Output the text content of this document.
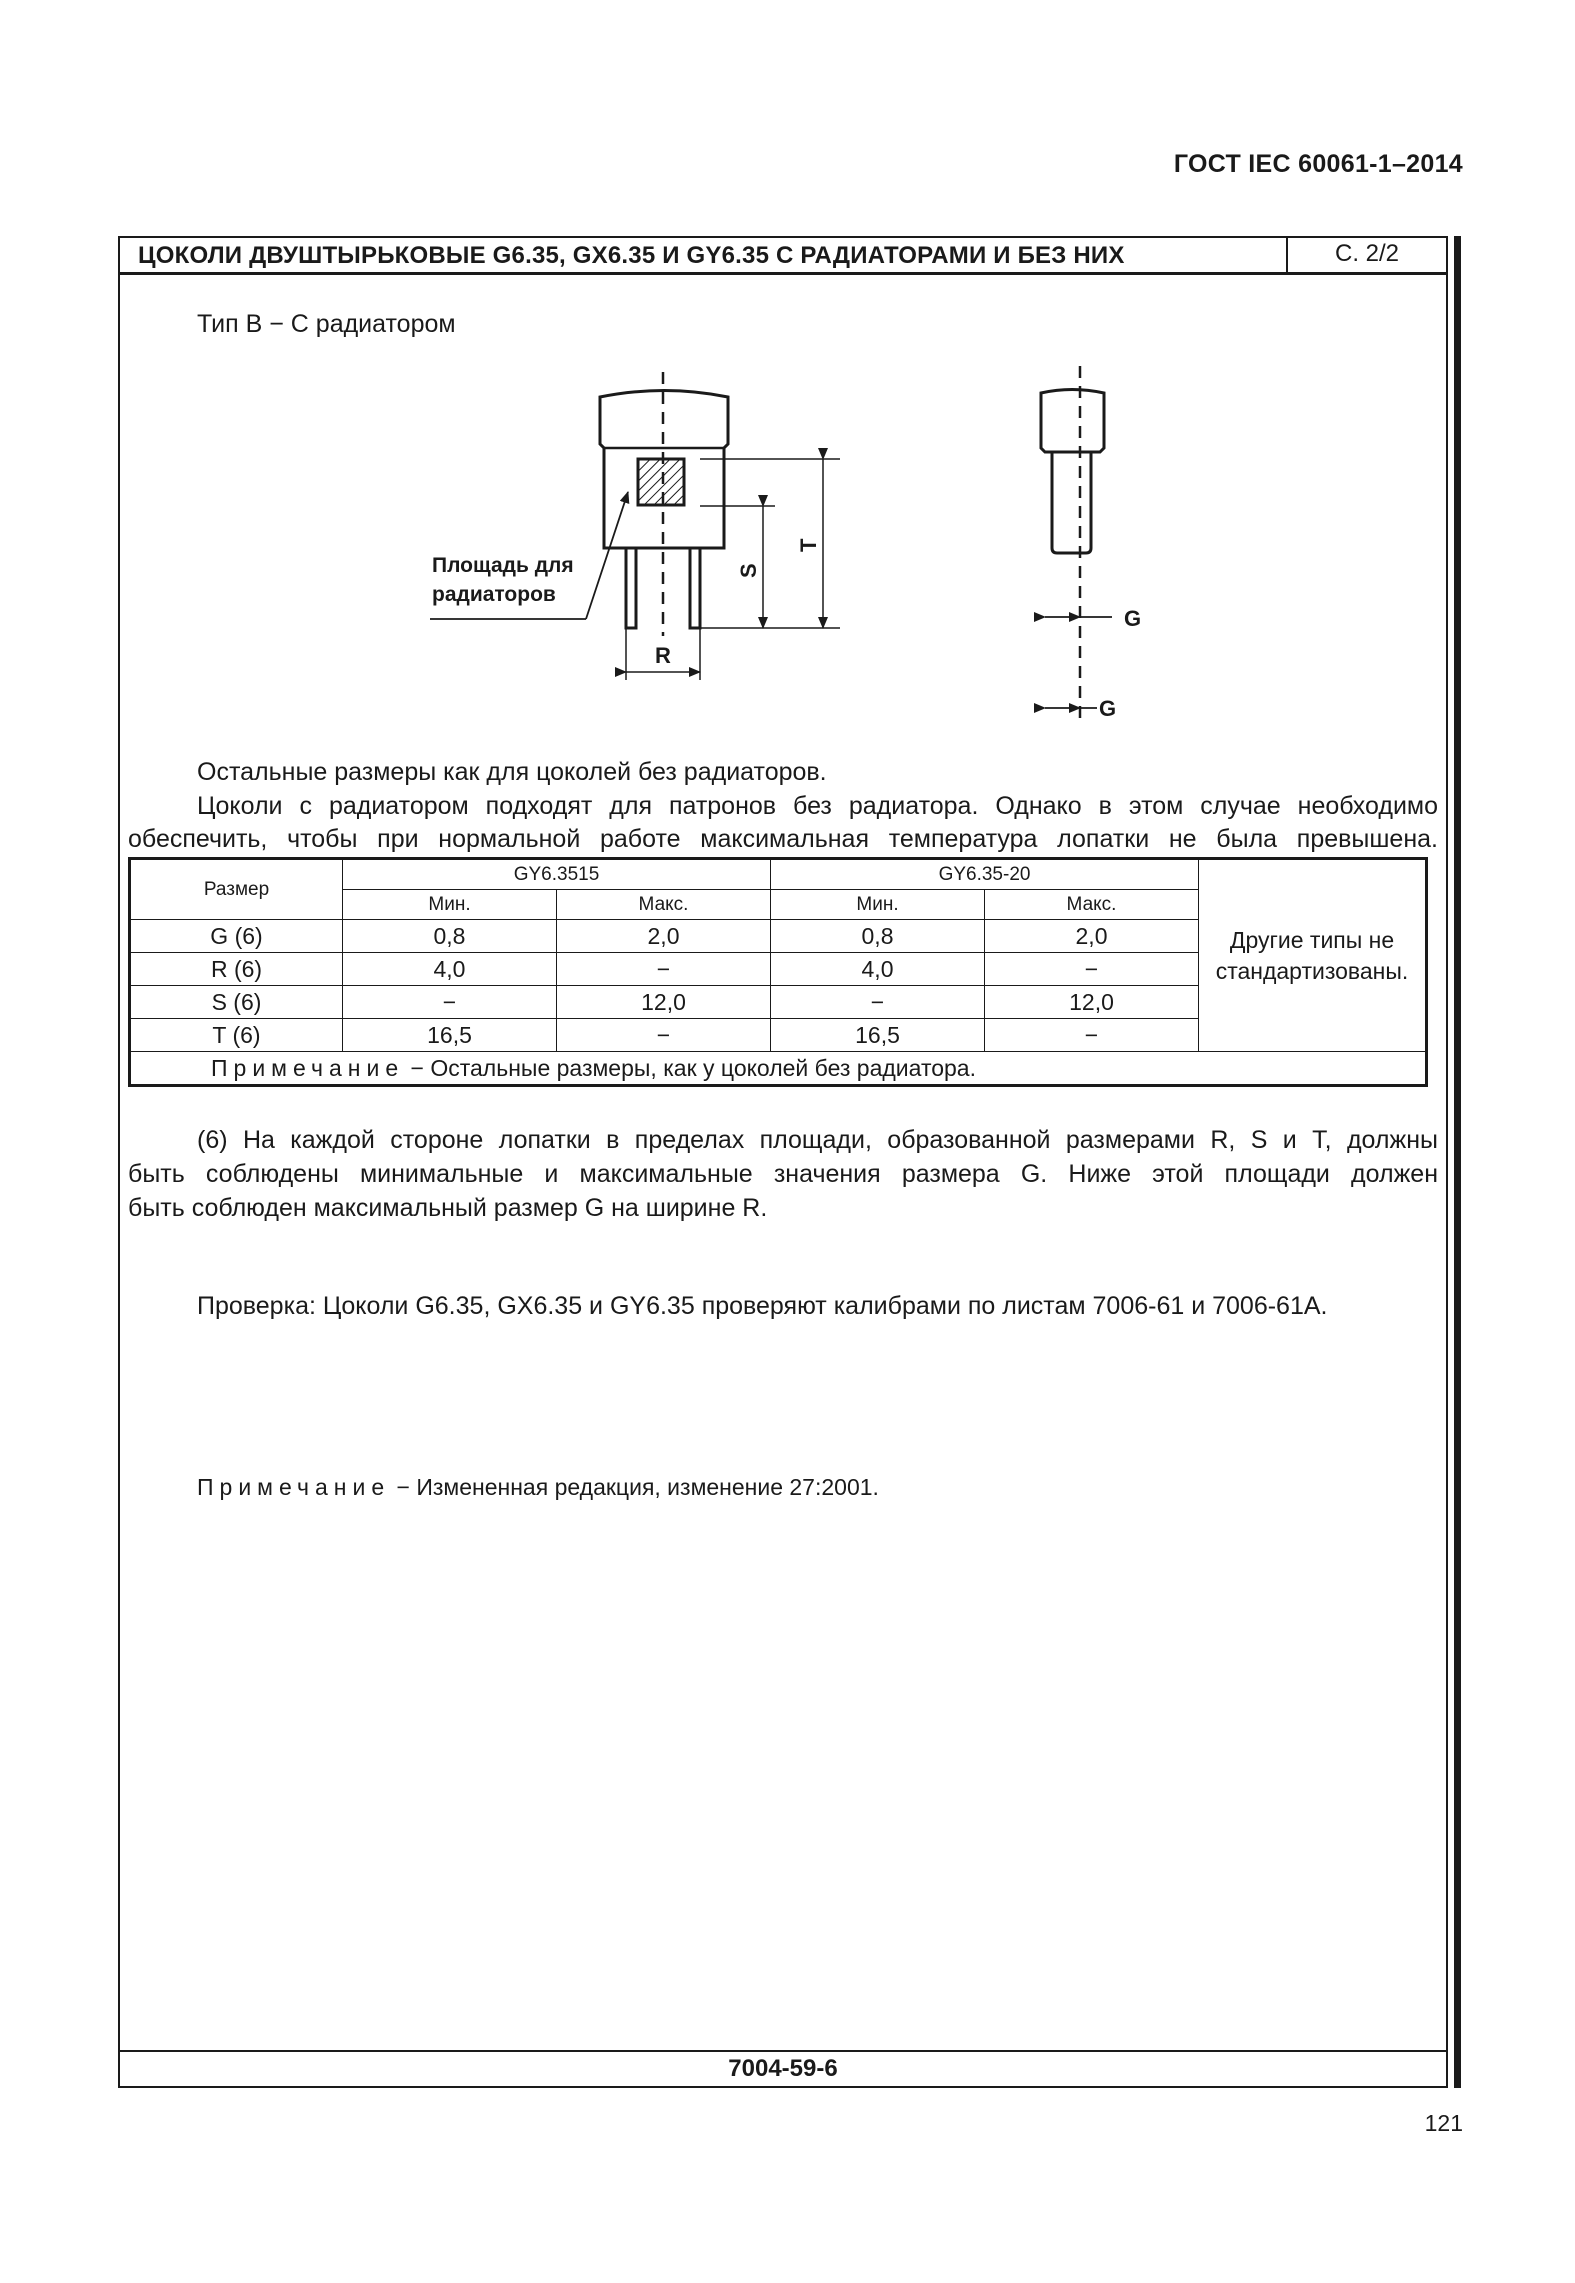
ГОСТ IEC 60061-1–2014
ЦОКОЛИ ДВУШТЫРЬКОВЫЕ G6.35, GX6.35 И GY6.35 С РАДИАТОРАМИ И БЕЗ НИХ	С. 2/2
7004-59-6
Тип В − С радиатором
Площадь для
радиаторов
R
S
T
G
G
Остальные размеры как для цоколей без радиаторов.
Цоколи с радиатором подходят для патронов без радиатора. Однако в этом случае необходимо
обеспечить, чтобы при нормальной работе максимальная температура лопатки не была превышена.
Размер	GY6.3515		GY6.35-20		Другие типы не
стандартизованы.
	Мин.	Макс.	Мин.	Макс.	
G (6)	0,8	2,0	0,8	2,0	
R (6)	4,0	−	4,0	−	
S (6)	−	12,0	−	12,0	
T (6)	16,5	−	16,5	−	
Примечание − Остальные размеры, как у цоколей без радиатора.					
(6) На каждой стороне лопатки в пределах площади, образованной размерами R, S и T, должны
быть соблюдены минимальные и максимальные значения размера G. Ниже этой площади должен
быть соблюден максимальный размер G на ширине R.
Проверка: Цоколи G6.35, GX6.35 и GY6.35 проверяют калибрами по листам 7006-61 и 7006-61А.
Примечание − Измененная редакция, изменение 27:2001.
121
